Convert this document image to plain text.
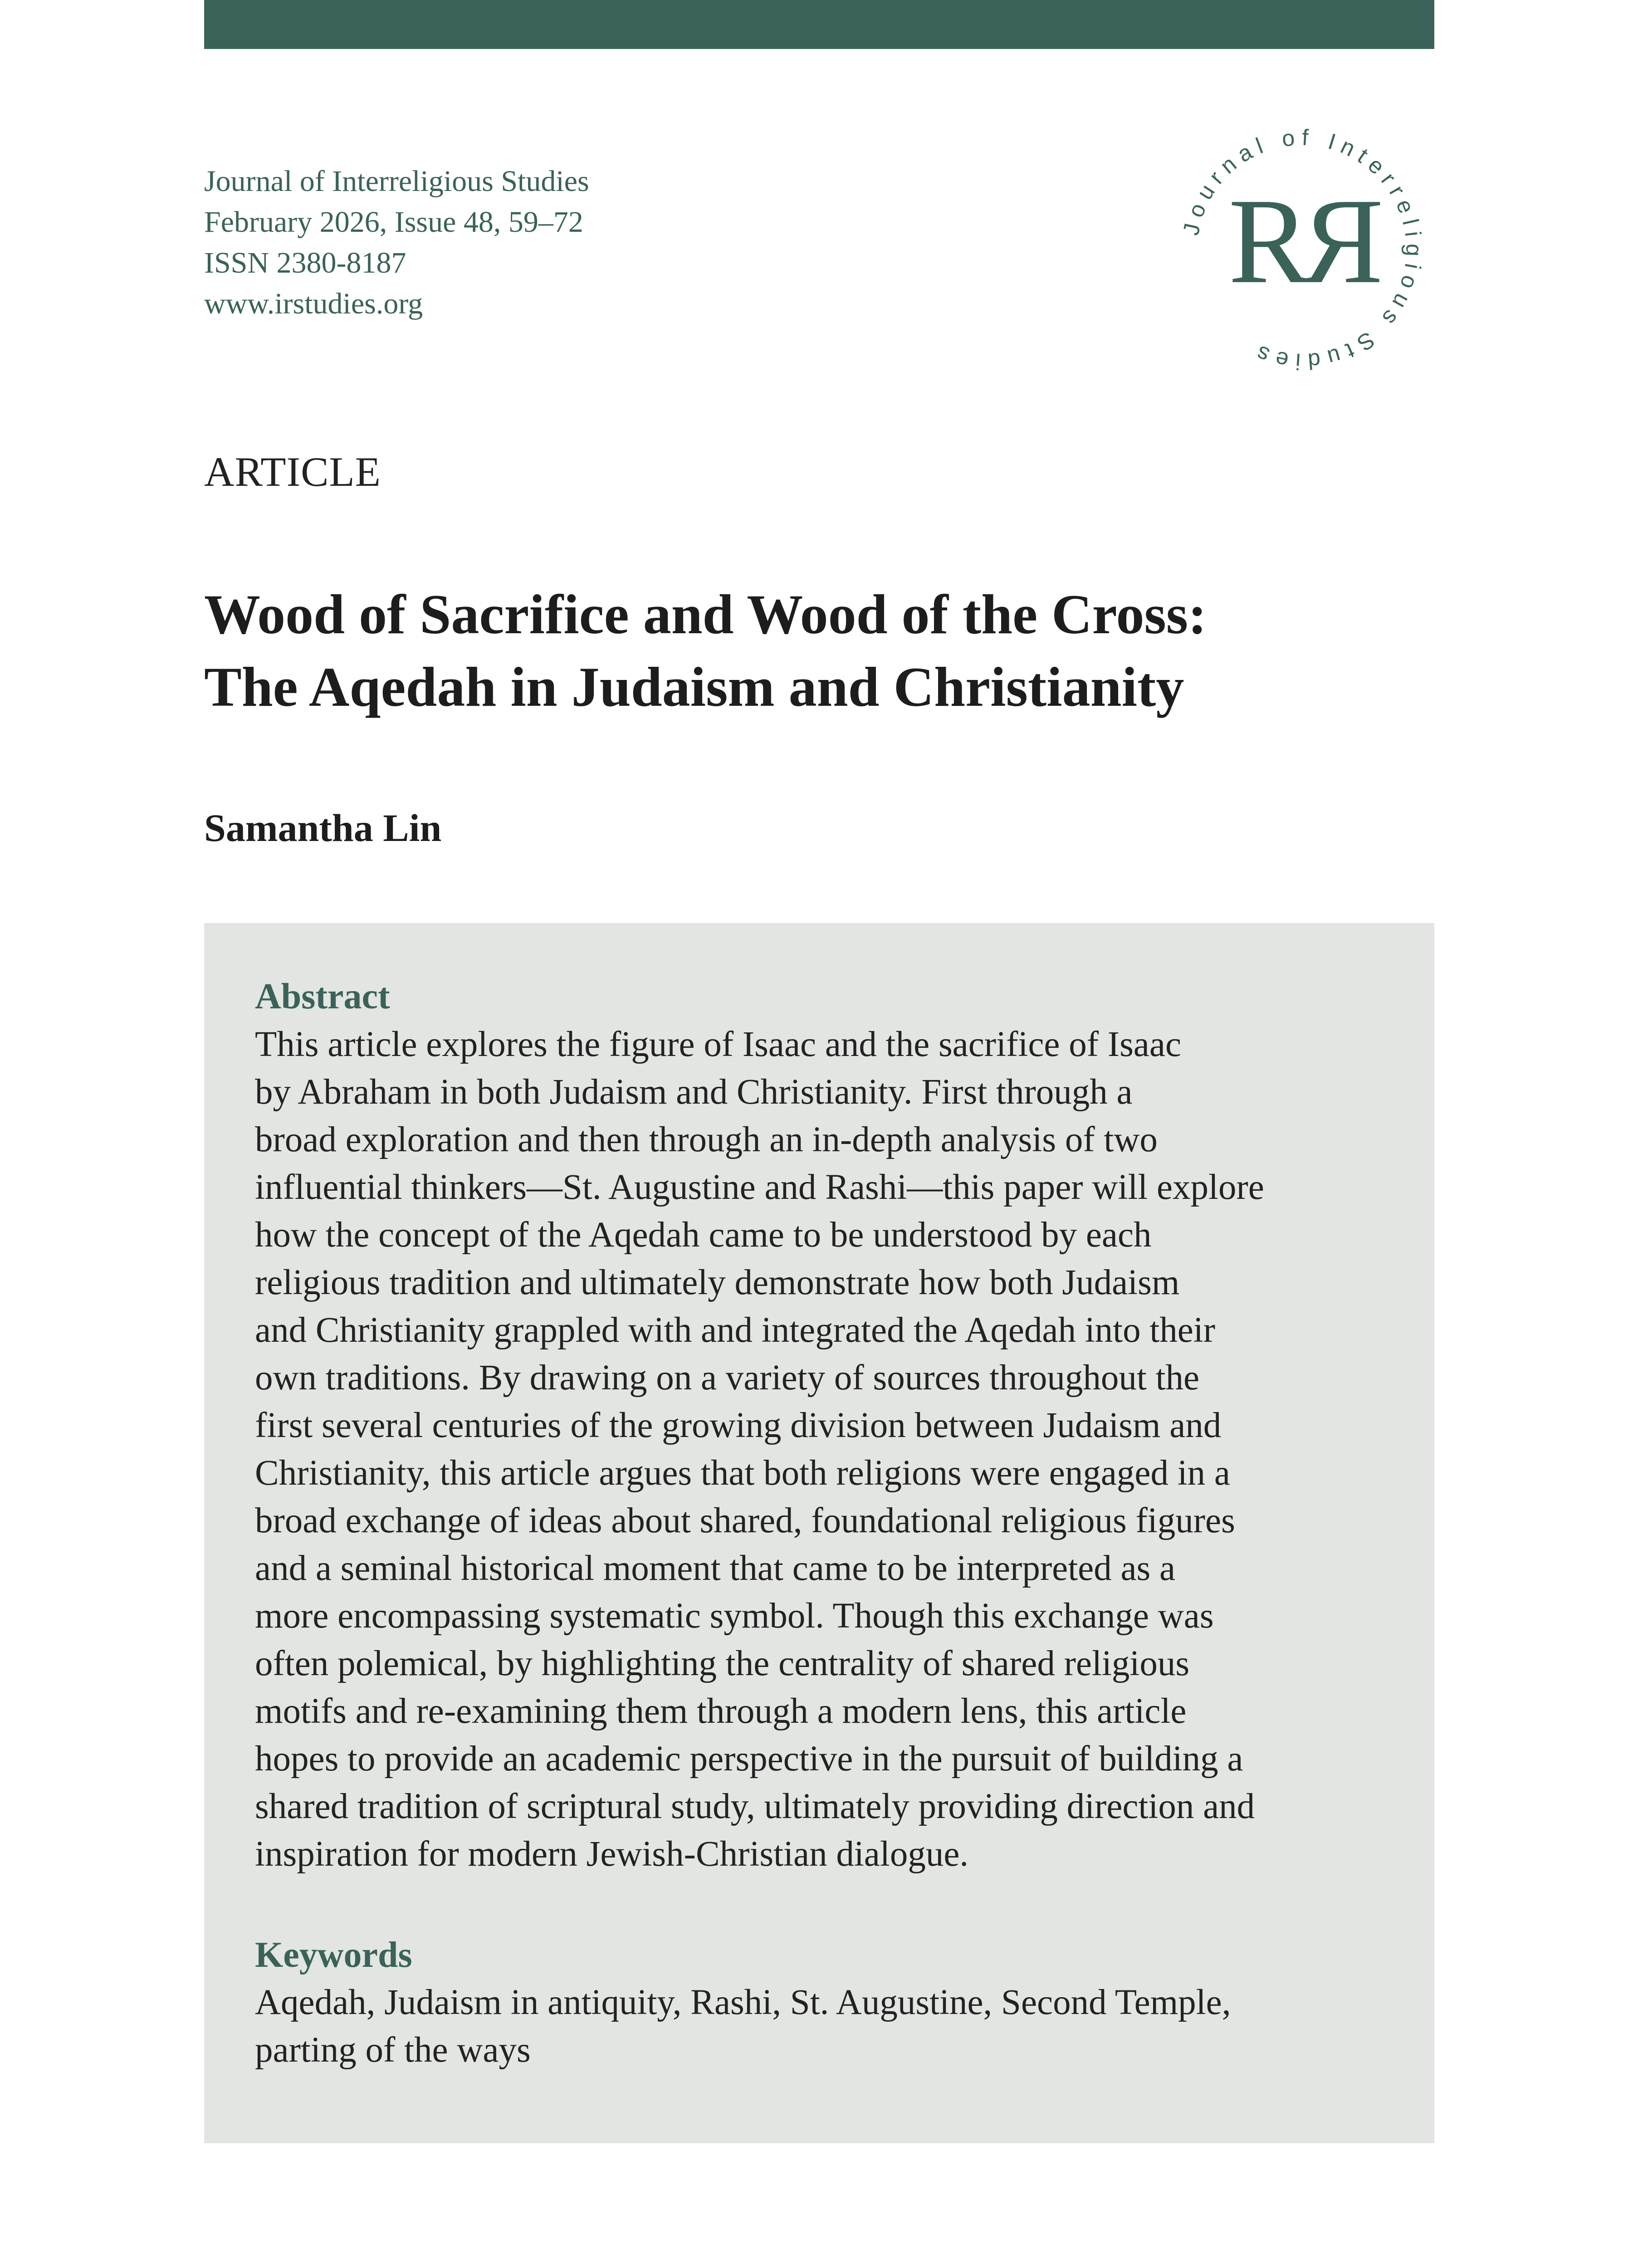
Journal of Interreligious Studies
February 2026, Issue 48, 59–72
ISSN 2380-8187
www.irstudies.org
Journal of Interreligious Studies
RЯ
ARTICLE
Wood of Sacrifice and Wood of the Cross:
The Aqedah in Judaism and Christianity
Samantha Lin
Abstract
This article explores the figure of Isaac and the sacrifice of Isaac
by Abraham in both Judaism and Christianity. First through a
broad exploration and then through an in-depth analysis of two
influential thinkers—St. Augustine and Rashi—this paper will explore
how the concept of the Aqedah came to be understood by each
religious tradition and ultimately demonstrate how both Judaism
and Christianity grappled with and integrated the Aqedah into their
own traditions. By drawing on a variety of sources throughout the
first several centuries of the growing division between Judaism and
Christianity, this article argues that both religions were engaged in a
broad exchange of ideas about shared, foundational religious figures
and a seminal historical moment that came to be interpreted as a
more encompassing systematic symbol. Though this exchange was
often polemical, by highlighting the centrality of shared religious
motifs and re-examining them through a modern lens, this article
hopes to provide an academic perspective in the pursuit of building a
shared tradition of scriptural study, ultimately providing direction and
inspiration for modern Jewish-Christian dialogue.
Keywords
Aqedah, Judaism in antiquity, Rashi, St. Augustine, Second Temple,
parting of the ways
